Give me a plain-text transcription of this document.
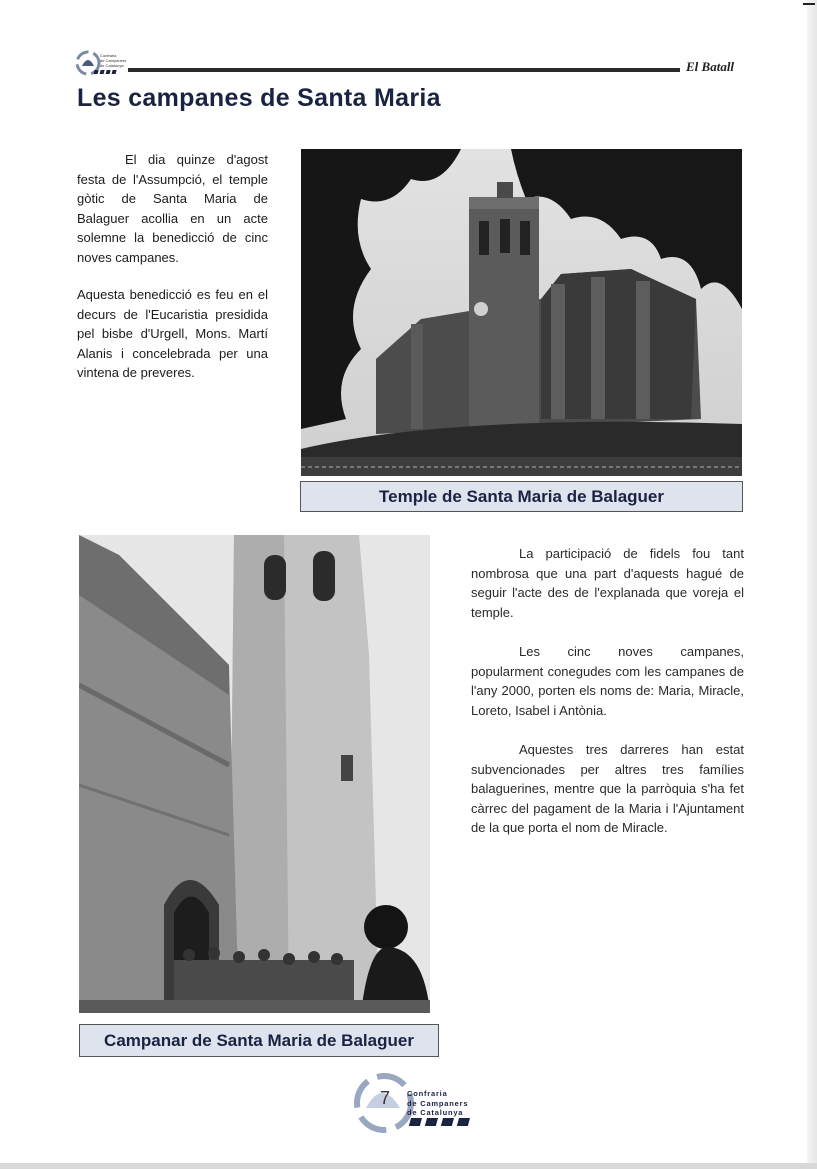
Confraria
de Campaners
de Catalunya	El Batall
Les campanes de Santa Maria

El dia quinze d'agost festa de l'Assumpció, el temple gòtic de Santa Maria de Balaguer acollia en un acte solemne la benedicció de cinc noves campanes.

Aquesta benedicció es feu en el decurs de l'Eucaristia presidida pel bisbe d'Urgell, Mons. Martí Alanis i concelebrada per una vintena de preveres.

Temple de Santa Maria de Balaguer
Campanar de Santa Maria de Balaguer

La participació de fidels fou tant nombrosa que una part d'aquests hagué de seguir l'acte des de l'explanada que voreja el temple.

Les cinc noves campanes, popularment conegudes com les campanes de l'any 2000, porten els noms de: Maria, Miracle, Loreto, Isabel i Antònia.

Aquestes tres darreres han estat subvencionades per altres tres famílies balaguerines, mentre que la parròquia s'ha fet càrrec del pagament de la Maria i l'Ajuntament de la que porta el nom de Miracle.

7 Confraria
de Campaners
de Catalunya
